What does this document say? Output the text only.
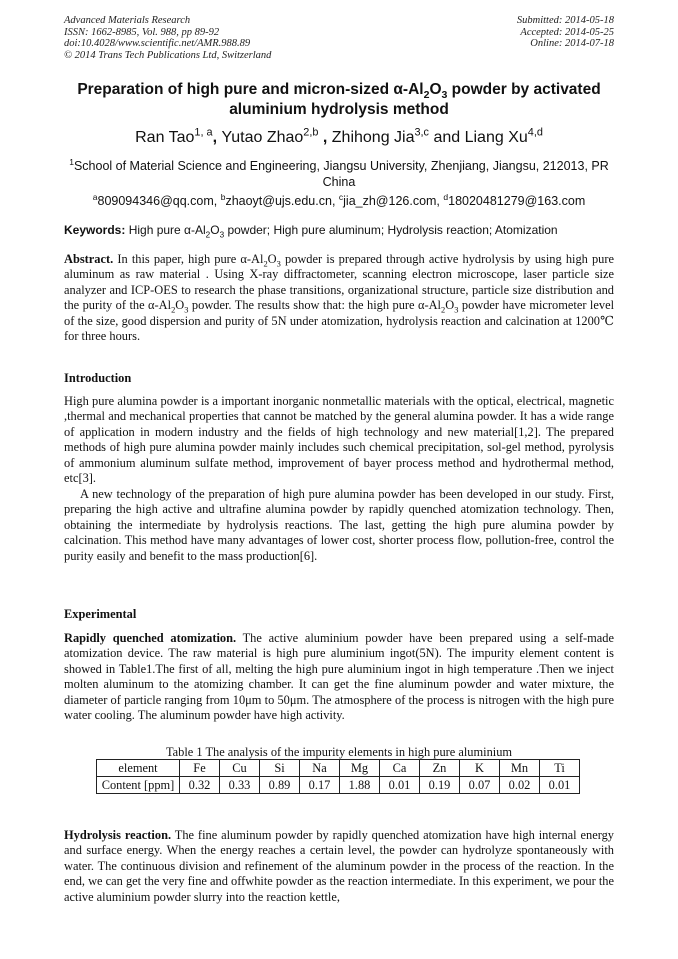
Advanced Materials Research
ISSN: 1662-8985, Vol. 988, pp 89-92
doi:10.4028/www.scientific.net/AMR.988.89
© 2014 Trans Tech Publications Ltd, Switzerland
Submitted: 2014-05-18
Accepted: 2014-05-25
Online: 2014-07-18
Preparation of high pure and micron-sized $\alpha-Al_2O_3$ powder by activated
aluminium hydrolysis method
Ran Tao$^{1, a}$, Yutao Zhao$^{2,b}$ , Zhihong Jia$^{3,c}$ and Liang Xu$^{4,d}$
$^1$School of Material Science and Engineering, Jiangsu University, Zhenjiang, Jiangsu, 212013, PR China
$^a$809094346@qq.com, $^b$zhaoyt@ujs.edu.cn, $^c$jia_zh@126.com, $^d$18020481279@163.com
Keywords: High pure $\alpha-Al_2O_3$ powder; High pure aluminum; Hydrolysis reaction; Atomization
Abstract. In this paper, high pure $\alpha-Al_2O_3$ powder is prepared through active hydrolysis by using high pure aluminum as raw material . Using X-ray diffractometer, scanning electron microscope, laser particle size analyzer and ICP-OES to research the phase transitions, organizational structure, particle size distribution and the purity of the $\alpha-Al_2O_3$ powder. The results show that: the high pure $\alpha-Al_2O_3$ powder have micrometer level of the size, good dispersion and purity of 5N under atomization, hydrolysis reaction and calcination at 1200℃ for three hours.
Introduction
High pure alumina powder is a important inorganic nonmetallic materials with the optical, electrical, magnetic ,thermal and mechanical properties that cannot be matched by the general alumina powder. It has a wide range of application in modern industry and the fields of high technology and new material[1,2]. The prepared methods of high pure alumina powder mainly includes such chemical precipitation, sol-gel method, pyrolysis of ammonium aluminum sulfate method, improvement of bayer process method and hydrothermal method, etc[3].
A new technology of the preparation of high pure alumina powder has been developed in our study. First, preparing the high active and ultrafine alumina powder by rapidly quenched atomization technology. Then, obtaining the intermediate by hydrolysis reactions. The last, getting the high pure alumina powder by calcination. This method have many advantages of lower cost, shorter process flow, pollution-free, control the purity easily and benefit to the mass production[6].
Experimental
Rapidly quenched atomization. The active aluminium powder have been prepared using a self-made atomization device. The raw material is high pure aluminium ingot(5N). The impurity element content is showed in Table1.The first of all, melting the high pure aluminium ingot in high temperature .Then we inject molten aluminum to the atomizing chamber. It can get the fine aluminum powder and water mixture, the diameter of particle ranging from 10μm to 50μm. The atmosphere of the process is nitrogen with the high pure water cooling. The aluminum powder have high activity.
Table 1 The analysis of the impurity elements in high pure aluminium
element	Fe	Cu	Si	Na	Mg	Ca	Zn	K	Mn	Ti
Content [ppm]	0.32	0.33	0.89	0.17	1.88	0.01	0.19	0.07	0.02	0.01
Hydrolysis reaction. The fine aluminum powder by rapidly quenched atomization have high internal energy and surface energy. When the energy reaches a certain level, the powder can hydrolyze spontaneously with water. The continuous division and refinement of the aluminum powder in the process of the reaction. In the end, we can get the very fine and offwhite powder as the reaction intermediate. In this experiment, we pour the active aluminium powder slurry into the reaction kettle,
